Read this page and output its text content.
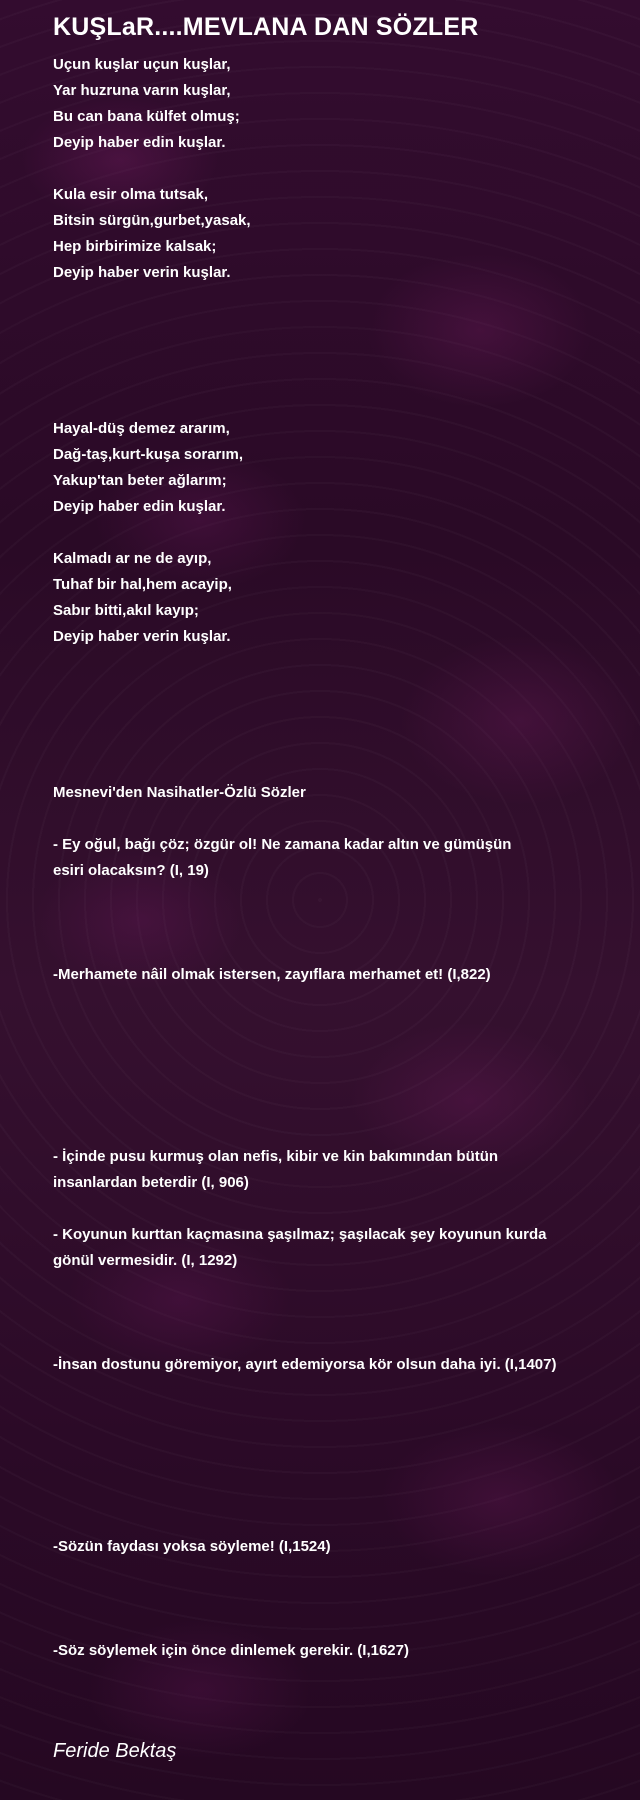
KUŞLaR....MEVLANA DAN SÖZLER
Uçun kuşlar uçun kuşlar,
Yar huzruna varın kuşlar,
Bu can bana külfet olmuş;
Deyip haber edin kuşlar.

Kula esir olma tutsak,
Bitsin sürgün,gurbet,yasak,
Hep birbirimize kalsak;
Deyip haber verin kuşlar.

Hayal-düş demez ararım,
Dağ-taş,kurt-kuşa sorarım,
Yakup'tan beter ağlarım;
Deyip haber edin kuşlar.

Kalmadı ar ne de ayıp,
Tuhaf bir hal,hem acayip,
Sabır bitti,akıl kayıp;
Deyip haber verin kuşlar.

Mesnevi'den Nasihatler-Özlü Sözler

- Ey oğul, bağı çöz; özgür ol! Ne zamana kadar altın ve gümüşün
esiri olacaksın? (I, 19)

-Merhamete nâil olmak istersen, zayıflara merhamet et! (I,822)

- İçinde pusu kurmuş olan nefis, kibir ve kin bakımından bütün
insanlardan beterdir (I, 906)

- Koyunun kurttan kaçmasına şaşılmaz; şaşılacak şey koyunun kurda
gönül vermesidir. (I, 1292)

-İnsan dostunu göremiyor, ayırt edemiyorsa kör olsun daha iyi. (I,1407)

-Sözün faydası yoksa söyleme! (I,1524)

-Söz söylemek için önce dinlemek gerekir. (I,1627)
Feride Bektaş
